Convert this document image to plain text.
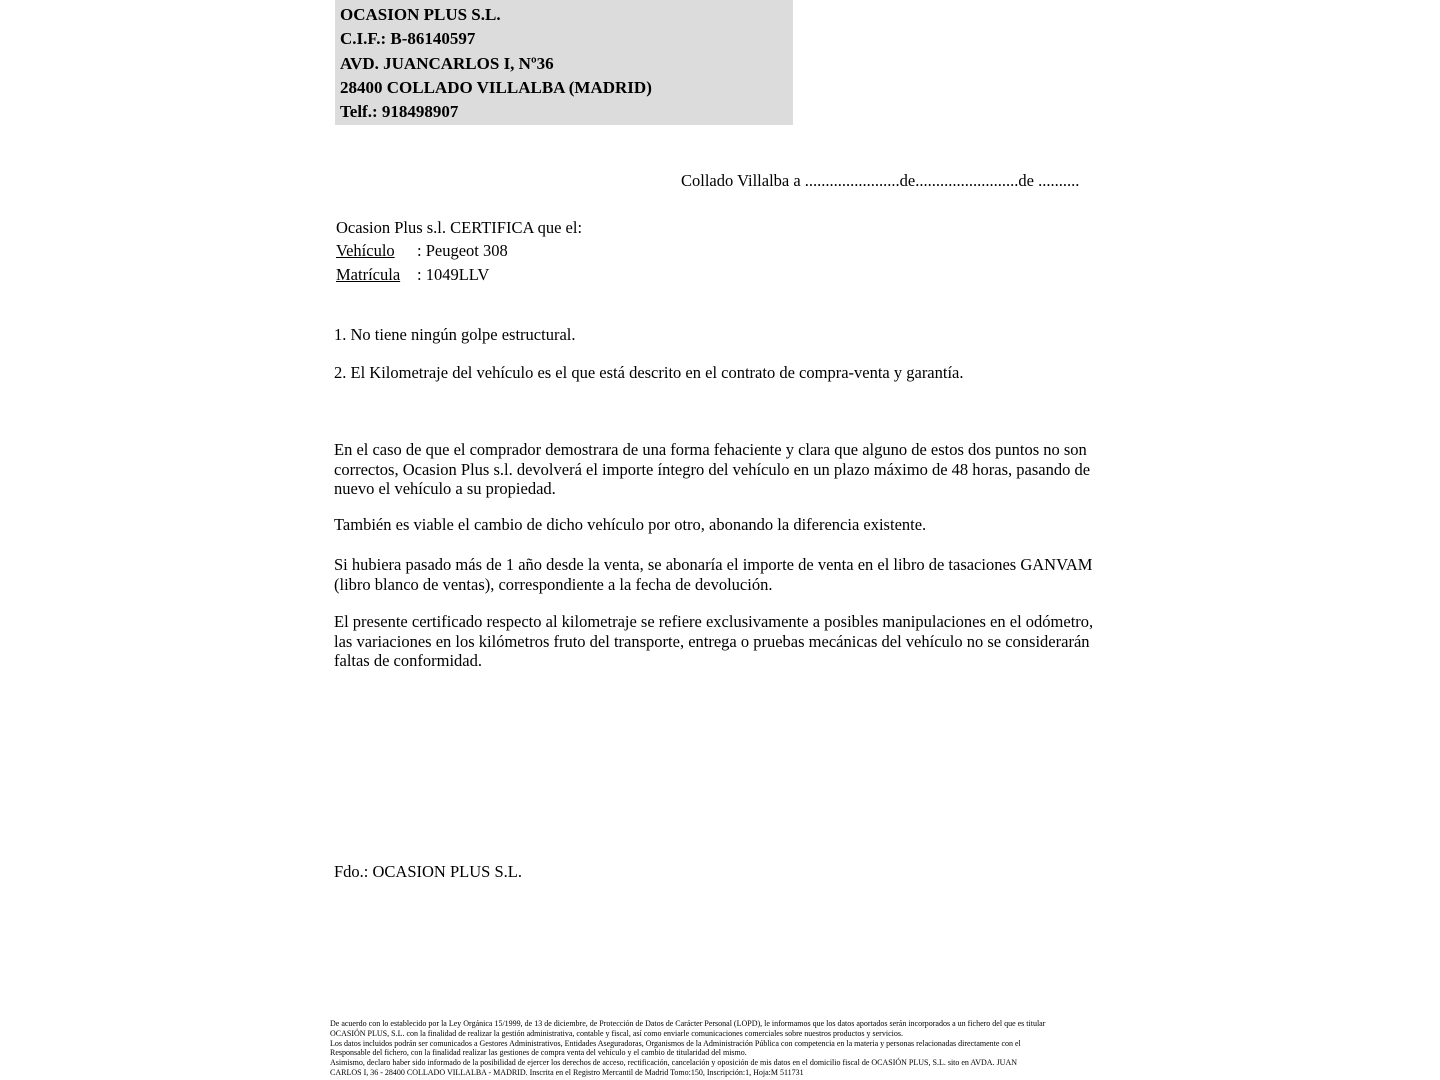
OCASION PLUS S.L.
C.I.F.: B-86140597
AVD. JUANCARLOS I, Nº36
28400 COLLADO VILLALBA (MADRID)
Telf.: 918498907
Collado Villalba a .......................de.........................de ..........
Ocasion Plus s.l. CERTIFICA que el:
Vehículo : Peugeot 308
Matrícula : 1049LLV
1. No tiene ningún golpe estructural.
2. El Kilometraje del vehículo es el que está descrito en el contrato de compra-venta y garantía.
En el caso de que el comprador demostrara de una forma fehaciente y clara que alguno de estos dos puntos no son correctos, Ocasion Plus s.l. devolverá el importe íntegro del vehículo en un plazo máximo de 48 horas, pasando de nuevo el vehículo a su propiedad.
También es viable el cambio de dicho vehículo por otro, abonando la diferencia existente.
Si hubiera pasado más de 1 año desde la venta, se abonaría el importe de venta en el libro de tasaciones GANVAM (libro blanco de ventas), correspondiente a la fecha de devolución.
El presente certificado respecto al kilometraje se refiere exclusivamente a posibles manipulaciones en el odómetro, las variaciones en los kilómetros fruto del transporte, entrega o pruebas mecánicas del vehículo no se considerarán faltas de conformidad.
Fdo.: OCASION PLUS S.L.
De acuerdo con lo establecido por la Ley Orgánica 15/1999, de 13 de diciembre, de Protección de Datos de Carácter Personal (LOPD), le informamos que los datos aportados serán incorporados a un fichero del que es titular
OCASIÓN PLUS, S.L. con la finalidad de realizar la gestión administrativa, contable y fiscal, así como enviarle comunicaciones comerciales sobre nuestros productos y servicios.
Los datos incluidos podrán ser comunicados a Gestores Administrativos, Entidades Aseguradoras, Organismos de la Administración Pública con competencia en la materia y personas relacionadas directamente con el
Responsable del fichero, con la finalidad realizar las gestiones de compra venta del vehículo y el cambio de titularidad del mismo.
Asimismo, declaro haber sido informado de la posibilidad de ejercer los derechos de acceso, rectificación, cancelación y oposición de mis datos en el domicilio fiscal de OCASIÓN PLUS, S.L. sito en AVDA. JUAN
CARLOS I, 36 - 28400 COLLADO VILLALBA - MADRID. Inscrita en el Registro Mercantil de Madrid Tomo:150, Inscripción:1, Hoja:M 511731
